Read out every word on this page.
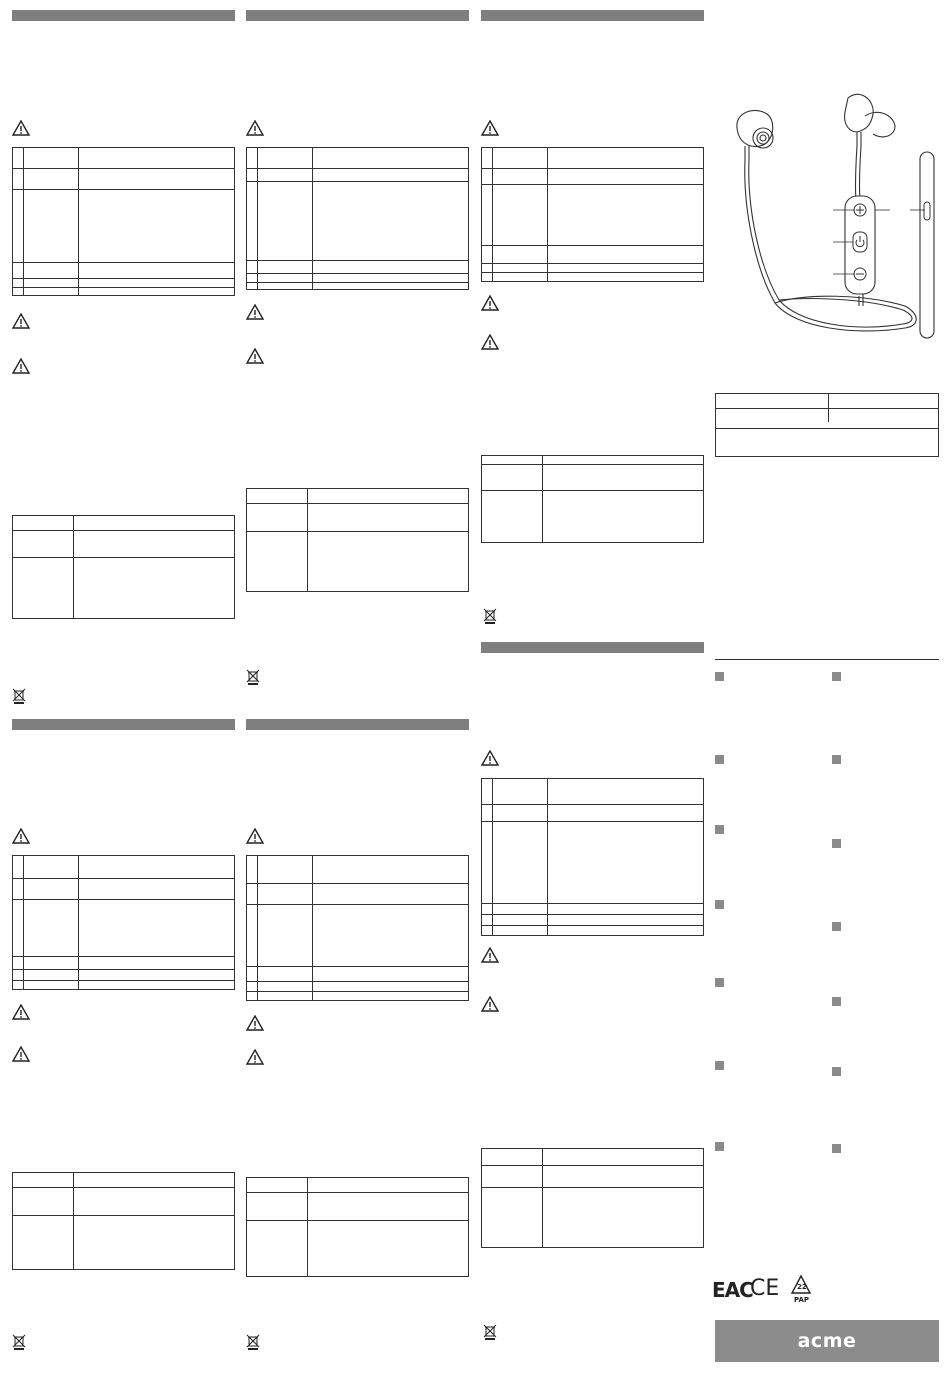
EAC
CE	22
PAP
acme
